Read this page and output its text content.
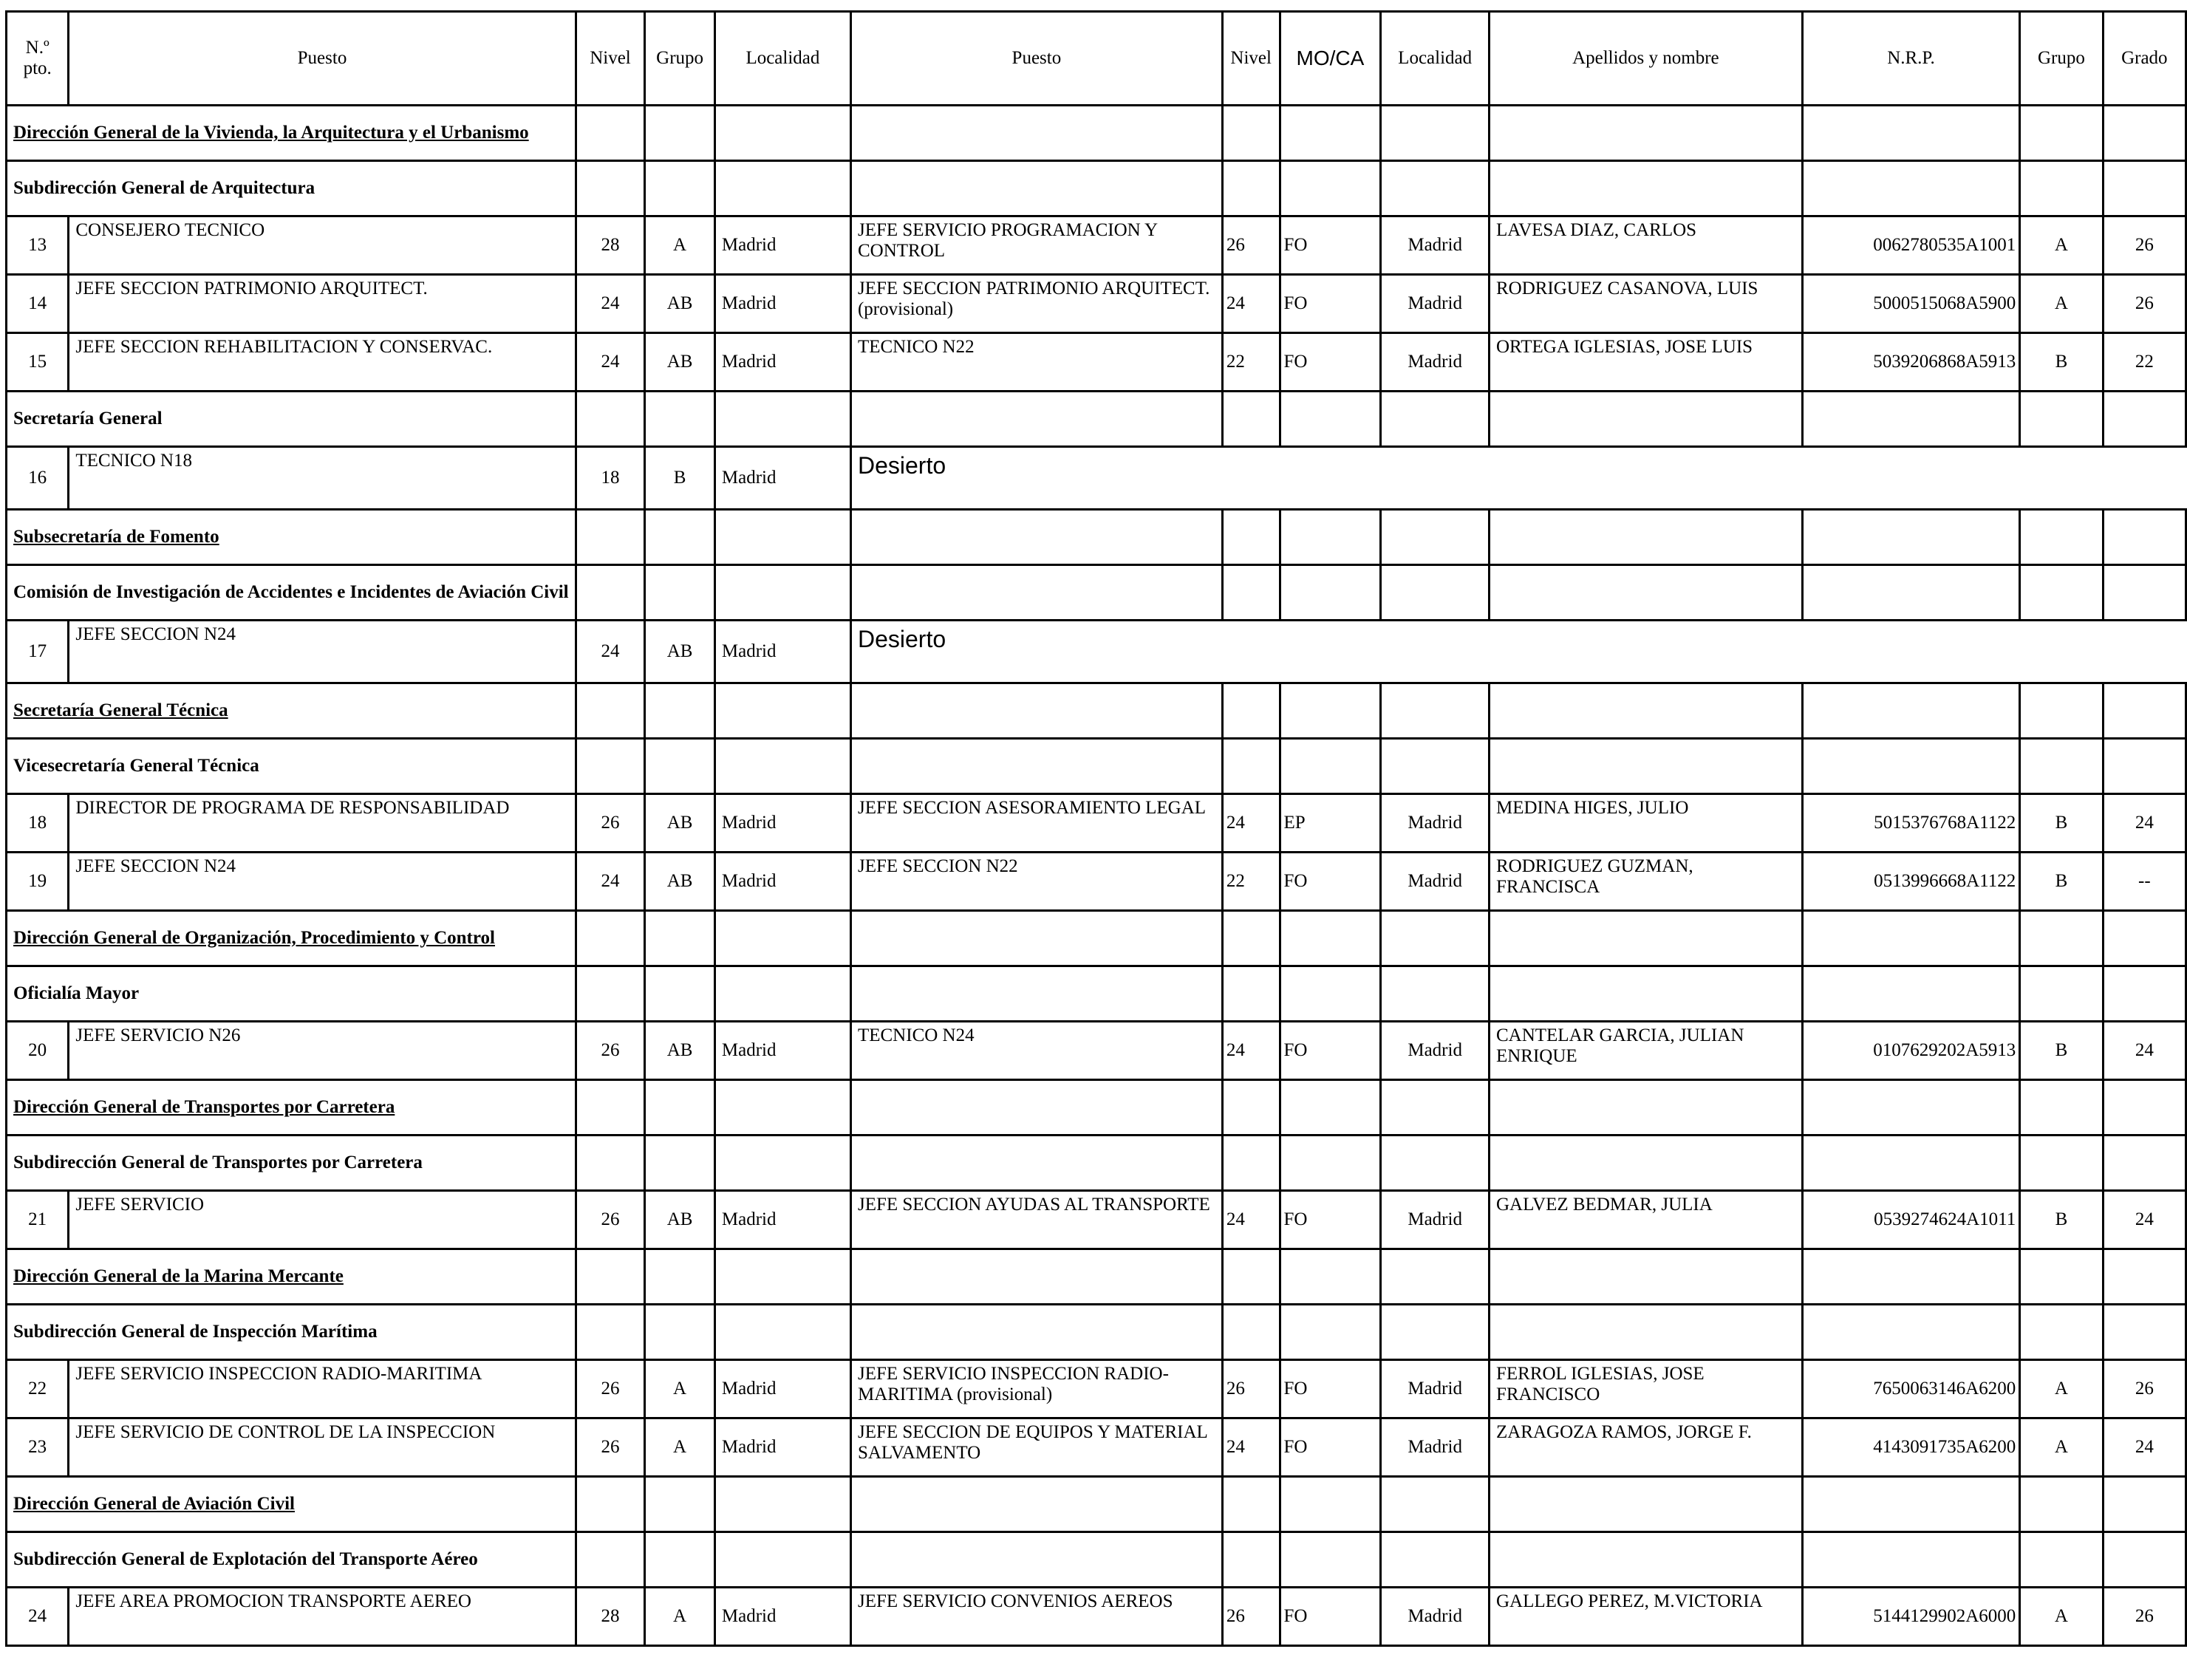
N.º pto.	Puesto	Nivel	Grupo	Localidad	Puesto	Nivel	MO/CA	Localidad	Apellidos y nombre	N.R.P.	Grupo	Grado
Dirección General de la Vivienda, la Arquitectura y el Urbanismo												
Subdirección General de Arquitectura												
13	CONSEJERO TECNICO	28	A	Madrid	JEFE SERVICIO PROGRAMACION Y CONTROL	26	FO	Madrid	LAVESA DIAZ, CARLOS	0062780535A1001	A	26
14	JEFE SECCION PATRIMONIO ARQUITECT.	24	AB	Madrid	JEFE SECCION PATRIMONIO ARQUITECT.(provisional)	24	FO	Madrid	RODRIGUEZ CASANOVA, LUIS	5000515068A5900	A	26
15	JEFE SECCION REHABILITACION Y CONSERVAC.	24	AB	Madrid	TECNICO N22	22	FO	Madrid	ORTEGA IGLESIAS, JOSE LUIS	5039206868A5913	B	22
Secretaría General												
16	TECNICO N18	18	B	Madrid	Desierto							
Subsecretaría de Fomento												
Comisión de Investigación de Accidentes e Incidentes de Aviación Civil												
17	JEFE SECCION N24	24	AB	Madrid	Desierto							
Secretaría General Técnica												
Vicesecretaría General Técnica												
18	DIRECTOR DE PROGRAMA DE RESPONSABILIDAD	26	AB	Madrid	JEFE SECCION ASESORAMIENTO LEGAL	24	EP	Madrid	MEDINA HIGES, JULIO	5015376768A1122	B	24
19	JEFE SECCION N24	24	AB	Madrid	JEFE SECCION N22	22	FO	Madrid	RODRIGUEZ GUZMAN, FRANCISCA	0513996668A1122	B	--
Dirección General de Organización, Procedimiento y Control												
Oficialía Mayor												
20	JEFE SERVICIO N26	26	AB	Madrid	TECNICO N24	24	FO	Madrid	CANTELAR GARCIA, JULIAN ENRIQUE	0107629202A5913	B	24
Dirección General de Transportes por Carretera												
Subdirección General de Transportes por Carretera												
21	JEFE SERVICIO	26	AB	Madrid	JEFE SECCION AYUDAS AL TRANSPORTE	24	FO	Madrid	GALVEZ BEDMAR, JULIA	0539274624A1011	B	24
Dirección General de la Marina Mercante												
Subdirección General de Inspección Marítima												
22	JEFE SERVICIO INSPECCION RADIO-MARITIMA	26	A	Madrid	JEFE SERVICIO INSPECCION RADIO-MARITIMA (provisional)	26	FO	Madrid	FERROL IGLESIAS, JOSE FRANCISCO	7650063146A6200	A	26
23	JEFE SERVICIO DE CONTROL DE LA INSPECCION	26	A	Madrid	JEFE SECCION DE EQUIPOS Y MATERIAL SALVAMENTO	24	FO	Madrid	ZARAGOZA RAMOS, JORGE F.	4143091735A6200	A	24
Dirección General de Aviación Civil												
Subdirección General de Explotación del Transporte Aéreo												
24	JEFE AREA PROMOCION TRANSPORTE AEREO	28	A	Madrid	JEFE SERVICIO CONVENIOS AEREOS	26	FO	Madrid	GALLEGO PEREZ, M.VICTORIA	5144129902A6000	A	26
